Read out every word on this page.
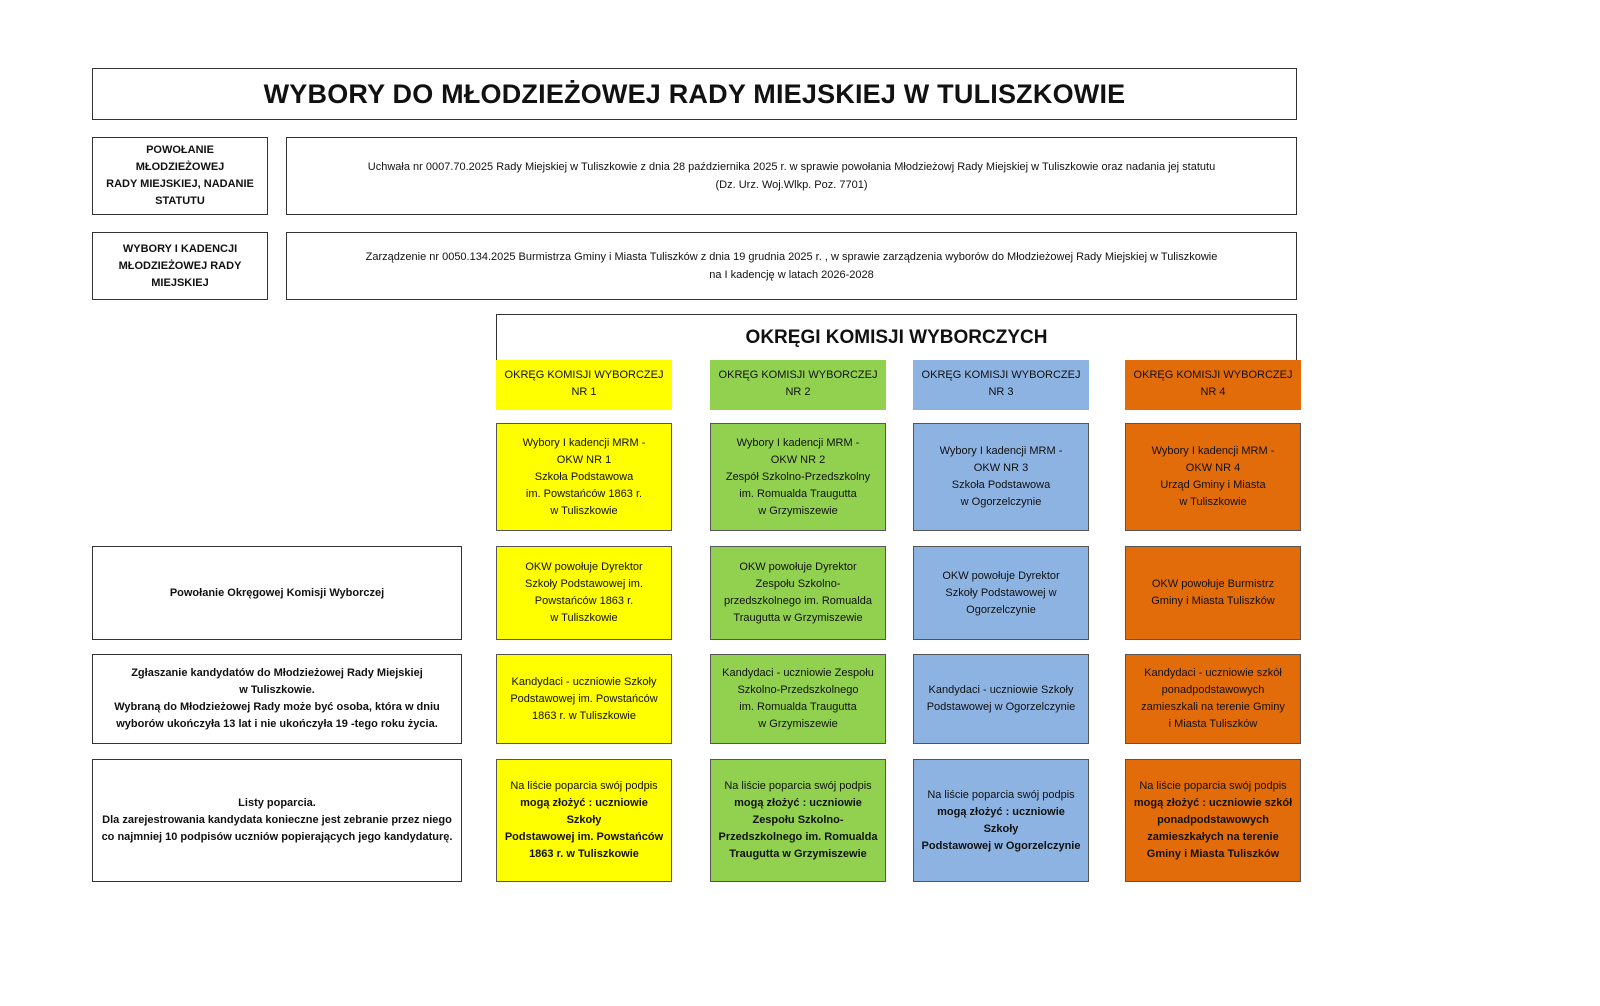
WYBORY DO MŁODZIEŻOWEJ RADY MIEJSKIEJ W TULISZKOWIE
POWOŁANIE MŁODZIEŻOWEJ
RADY MIEJSKIEJ, NADANIE
STATUTU
Uchwała nr 0007.70.2025 Rady Miejskiej w Tuliszkowie z dnia 28 października 2025 r. w sprawie powołania Młodzieżowj Rady Miejskiej w Tuliszkowie oraz nadania jej statutu
(Dz. Urz. Woj.Wlkp. Poz. 7701)
WYBORY I KADENCJI
MŁODZIEŻOWEJ RADY
MIEJSKIEJ
Zarządzenie nr 0050.134.2025 Burmistrza Gminy i Miasta Tuliszków z dnia 19 grudnia 2025 r. , w sprawie zarządzenia wyborów do Młodzieżowej Rady Miejskiej w Tuliszkowie
na I kadencję w latach 2026-2028
OKRĘGI KOMISJI WYBORCZYCH
Powołanie Okręgowej Komisji Wyborczej
Zgłaszanie kandydatów do Młodzieżowej Rady Miejskiej
w Tuliszkowie.
Wybraną do Młodzieżowej Rady może być osoba, która w dniu
wyborów ukończyła 13 lat i nie ukończyła 19 -tego roku życia.
Listy poparcia.
Dla zarejestrowania kandydata konieczne jest zebranie przez niego
co najmniej 10 podpisów uczniów popierających jego kandydaturę.
OKRĘG KOMISJI WYBORCZEJ
NR 1
Wybory I kadencji MRM -
OKW NR 1
Szkoła Podstawowa
im. Powstańców 1863 r.
w Tuliszkowie
OKW powołuje Dyrektor
Szkoły Podstawowej im.
Powstańców 1863 r.
w Tuliszkowie
Kandydaci - uczniowie Szkoły
Podstawowej im. Powstańców
1863 r. w Tuliszkowie
Na liście poparcia swój podpis
mogą złożyć : uczniowie Szkoły
Podstawowej im. Powstańców
1863 r. w Tuliszkowie
OKRĘG KOMISJI WYBORCZEJ
NR 2
Wybory I kadencji MRM -
OKW NR 2
Zespół Szkolno-Przedszkolny
im. Romualda Traugutta
w Grzymiszewie
OKW powołuje Dyrektor
Zespołu Szkolno-
przedszkolnego im. Romualda
Traugutta w Grzymiszewie
Kandydaci - uczniowie Zespołu
Szkolno-Przedszkolnego
im. Romualda Traugutta
w Grzymiszewie
Na liście poparcia swój podpis
mogą złożyć : uczniowie
Zespołu Szkolno-
Przedszkolnego im. Romualda
Traugutta w Grzymiszewie
OKRĘG KOMISJI WYBORCZEJ
NR 3
Wybory I kadencji MRM -
OKW NR 3
Szkoła Podstawowa
w Ogorzelczynie
OKW powołuje Dyrektor
Szkoły Podstawowej w
Ogorzelczynie
Kandydaci - uczniowie Szkoły
Podstawowej w Ogorzelczynie
Na liście poparcia swój podpis
mogą złożyć : uczniowie Szkoły
Podstawowej w Ogorzelczynie
OKRĘG KOMISJI WYBORCZEJ
NR 4
Wybory I kadencji MRM -
OKW NR 4
Urząd Gminy i Miasta
w Tuliszkowie
OKW powołuje Burmistrz
Gminy i Miasta Tuliszków
Kandydaci - uczniowie szkół
ponadpodstawowych
zamieszkali na terenie Gminy
i Miasta Tuliszków
Na liście poparcia swój podpis
mogą złożyć : uczniowie szkół
ponadpodstawowych
zamieszkałych na terenie
Gminy i Miasta Tuliszków
